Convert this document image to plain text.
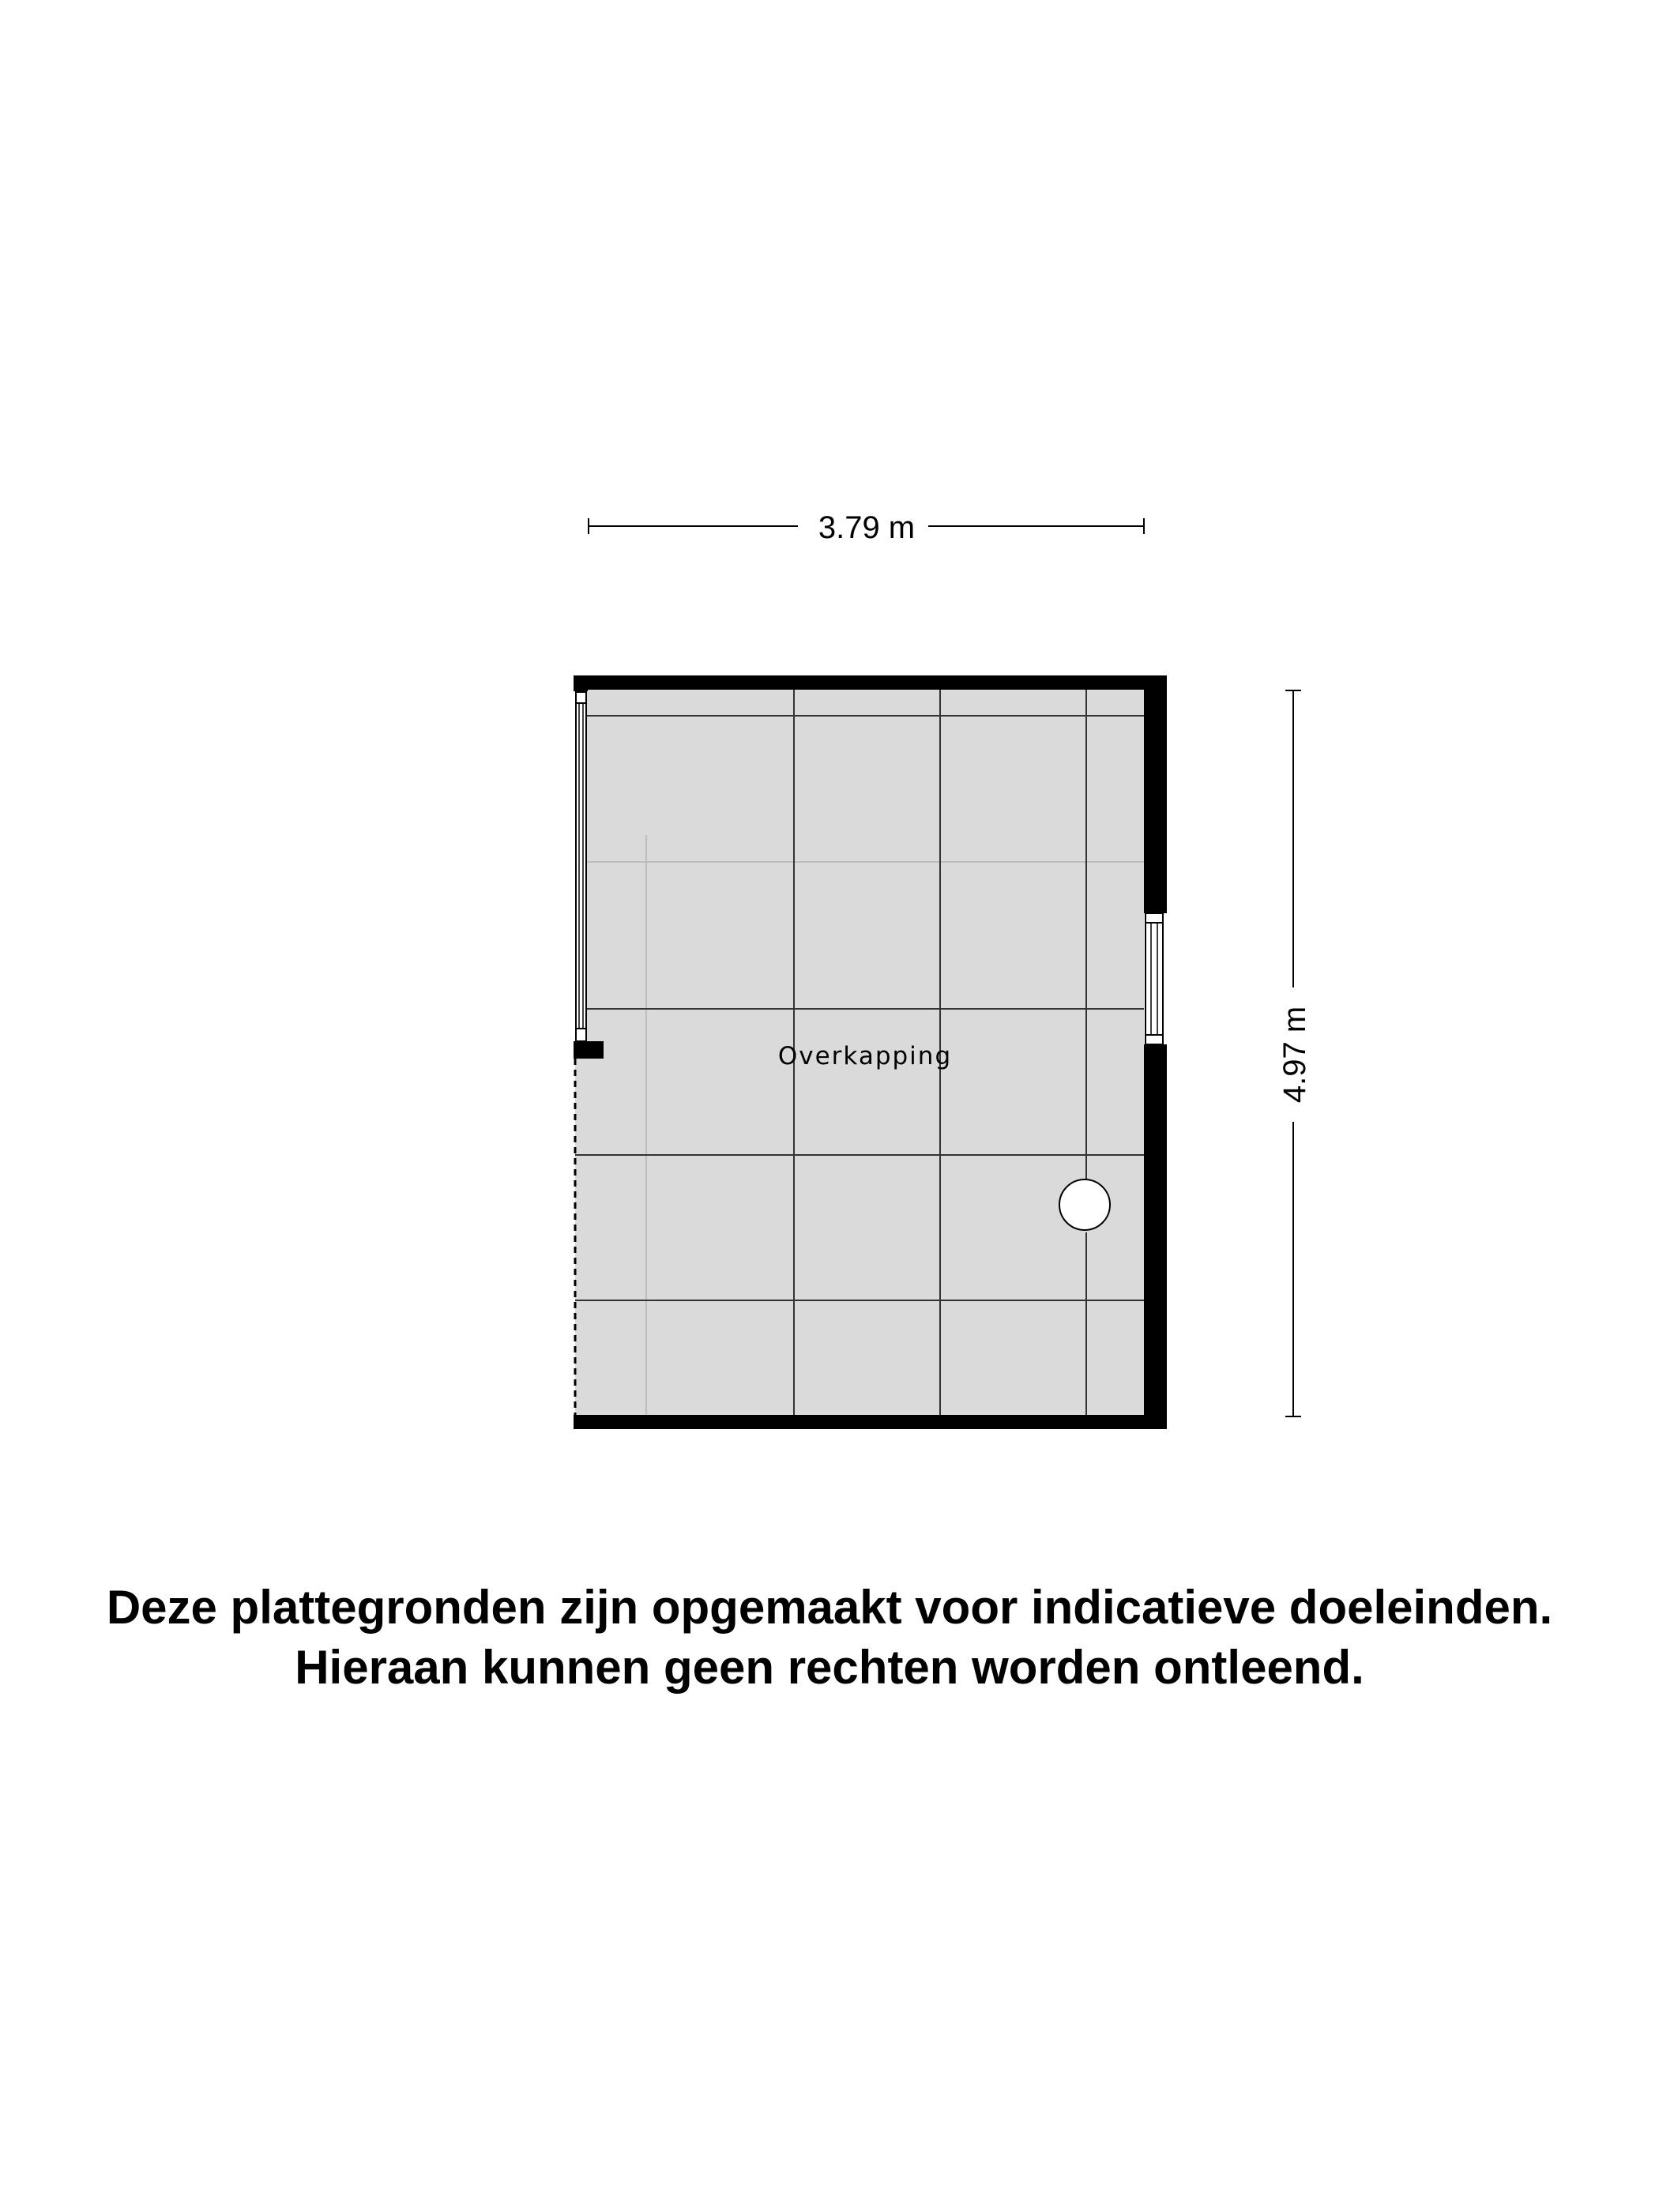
3.79 m
4.97 m
Overkapping
Deze plattegronden zijn opgemaakt voor indicatieve doeleinden.
Hieraan kunnen geen rechten worden ontleend.
